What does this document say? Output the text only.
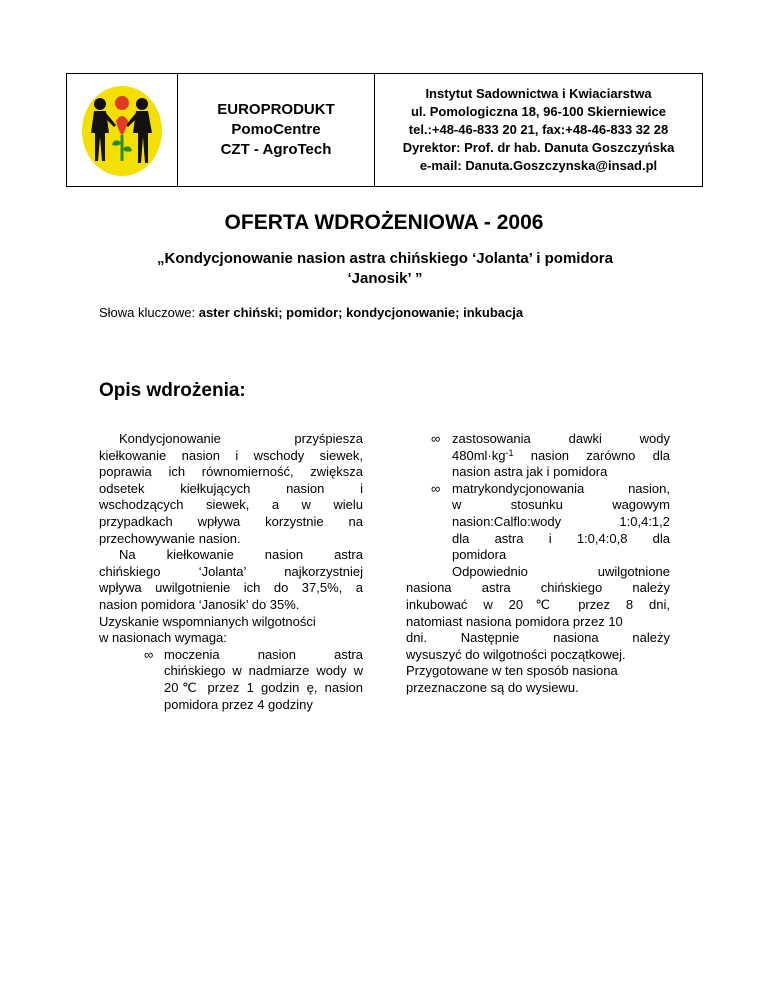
EUROPRODUKT
PomoCentre
CZT - AgroTech
Instytut Sadownictwa i Kwiaciarstwa
ul. Pomologiczna 18, 96-100 Skierniewice
tel.:+48-46-833 20 21, fax:+48-46-833 32 28
Dyrektor: Prof. dr hab. Danuta Goszczyńska
e-mail: Danuta.Goszczynska@insad.pl
OFERTA WDROŻENIOWA - 2006
„Kondycjonowanie nasion astra chińskiego ‘Jolanta’ i pomidora
‘Janosik’ ”
Słowa kluczowe: aster chiński; pomidor; kondycjonowanie; inkubacja
Opis wdrożenia:
Kondycjonowanie przyśpiesza
kiełkowanie nasion i wschody siewek,
poprawia ich równomierność, zwiększa
odsetek kiełkujących nasion i
wschodzących siewek, a w wielu
przypadkach wpływa korzystnie na
przechowywanie nasion.
Na kiełkowanie nasion astra
chińskiego ‘Jolanta’ najkorzystniej
wpływa uwilgotnienie ich do 37,5%, a
nasion pomidora ‘Janosik’ do 35%.
Uzyskanie wspomnianych wilgotności
w nasionach wymaga:
∞ moczenia nasion astra
chińskiego w nadmiarze wody w
20℃ przez 1 godzin ę, nasion
pomidora przez 4 godziny
∞ zastosowania dawki wody
$480ml\cdot kg^{-1}$ nasion zarówno dla
nasion astra jak i pomidora
∞ matrykondycjonowania nasion,
w stosunku wagowym
nasion:Calflo:wody 1:0,4:1,2
dla astra i 1:0,4:0,8 dla
pomidora
Odpowiednio uwilgotnione
nasiona astra chińskiego należy
inkubować w 20℃ przez 8 dni,
natomiast nasiona pomidora przez 10
dni. Następnie nasiona należy
wysuszyć do wilgotności początkowej.
Przygotowane w ten sposób nasiona
przeznaczone są do wysiewu.
